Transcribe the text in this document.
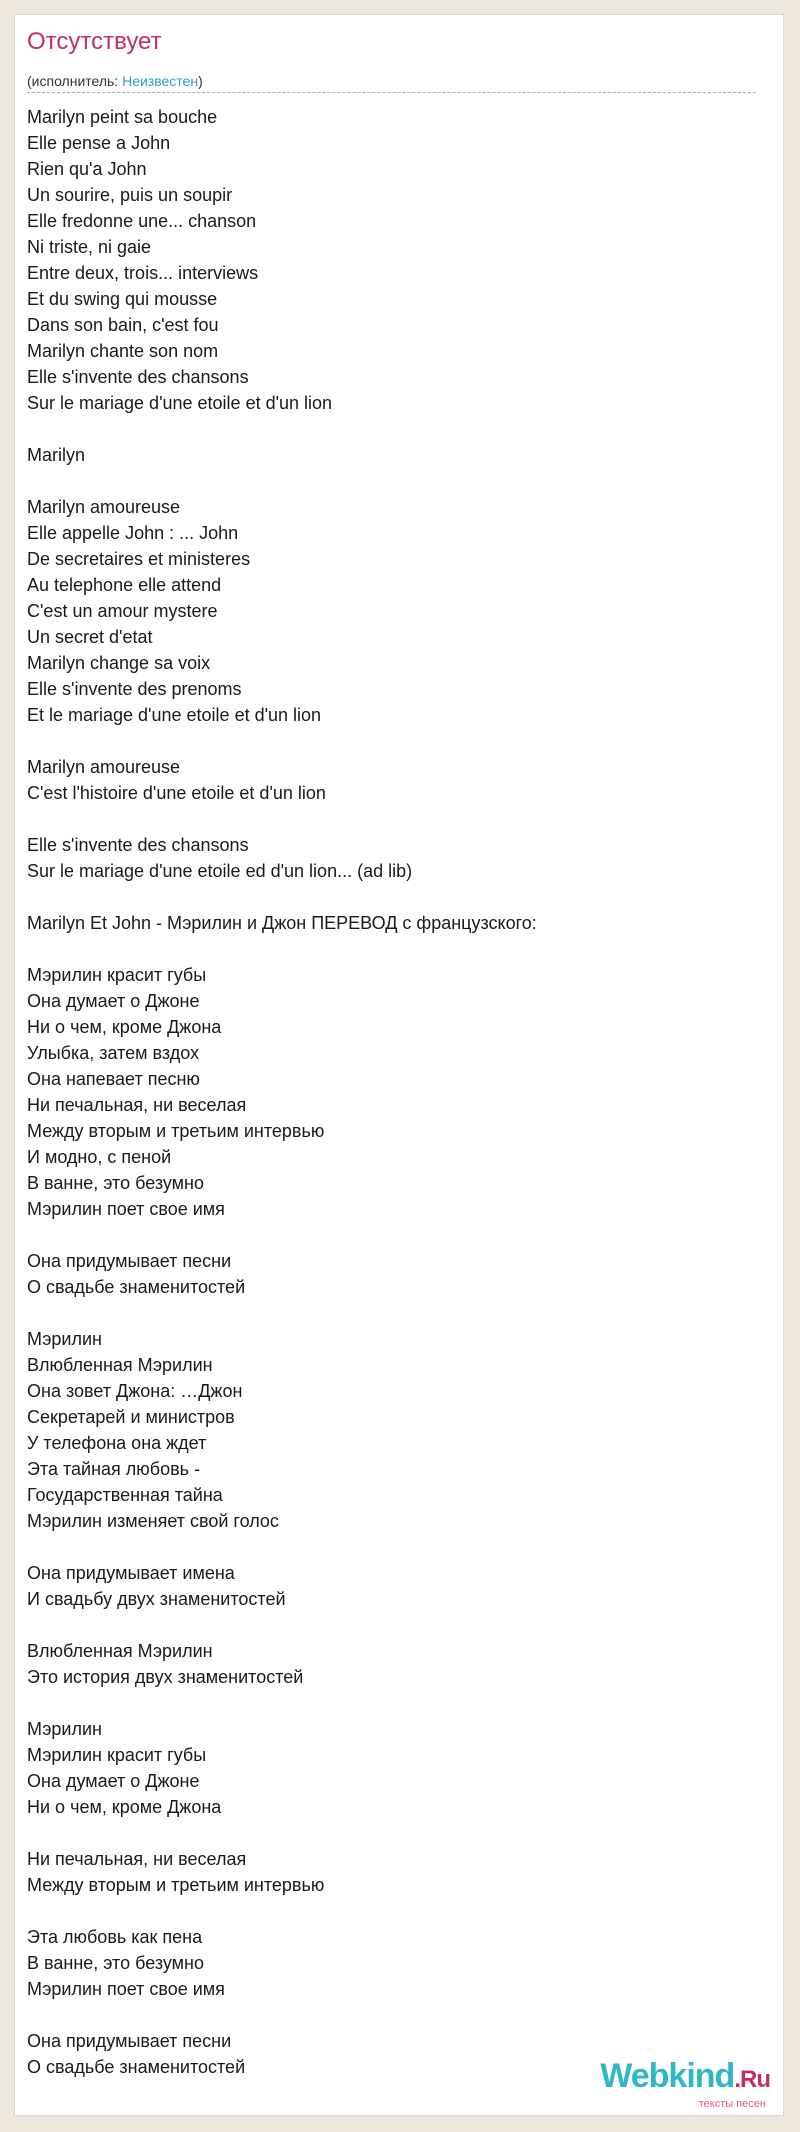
Отсутствует
(исполнитель: Неизвестен)
Marilyn peint sa bouche
Elle pense a John
Rien qu'a John
Un sourire, puis un soupir
Elle fredonne une... chanson
Ni triste, ni gaie
Entre deux, trois... interviews
Et du swing qui mousse
Dans son bain, c'est fou
Marilyn chante son nom
Elle s'invente des chansons
Sur le mariage d'une etoile et d'un lion
Marilyn
Marilyn amoureuse
Elle appelle John : ... John
De secretaires et ministeres
Au telephone elle attend
C'est un amour mystere
Un secret d'etat
Marilyn change sa voix
Elle s'invente des prenoms
Et le mariage d'une etoile et d'un lion
Marilyn amoureuse
C'est l'histoire d'une etoile et d'un lion
Elle s'invente des chansons
Sur le mariage d'une etoile ed d'un lion... (ad lib)
Marilyn Et John - Мэрилин и Джон ПЕРЕВОД с французского:
Мэрилин красит губы
Она думает о Джоне
Ни о чем, кроме Джона
Улыбка, затем вздох
Она напевает песню
Ни печальная, ни веселая
Между вторым и третьим интервью
И модно, с пеной
В ванне, это безумно
Мэрилин поет свое имя
Она придумывает песни
О свадьбе знаменитостей
Мэрилин
Влюбленная Мэрилин
Она зовет Джона: …Джон
Секретарей и министров
У телефона она ждет
Эта тайная любовь -
Государственная тайна
Мэрилин изменяет свой голос
Она придумывает имена
И свадьбу двух знаменитостей
Влюбленная Мэрилин
Это история двух знаменитостей
Мэрилин
Мэрилин красит губы
Она думает о Джоне
Ни о чем, кроме Джона
Ни печальная, ни веселая
Между вторым и третьим интервью
Эта любовь как пена
В ванне, это безумно
Мэрилин поет свое имя
Она придумывает песни
О свадьбе знаменитостей	Webkind.Ru
тексты песен
